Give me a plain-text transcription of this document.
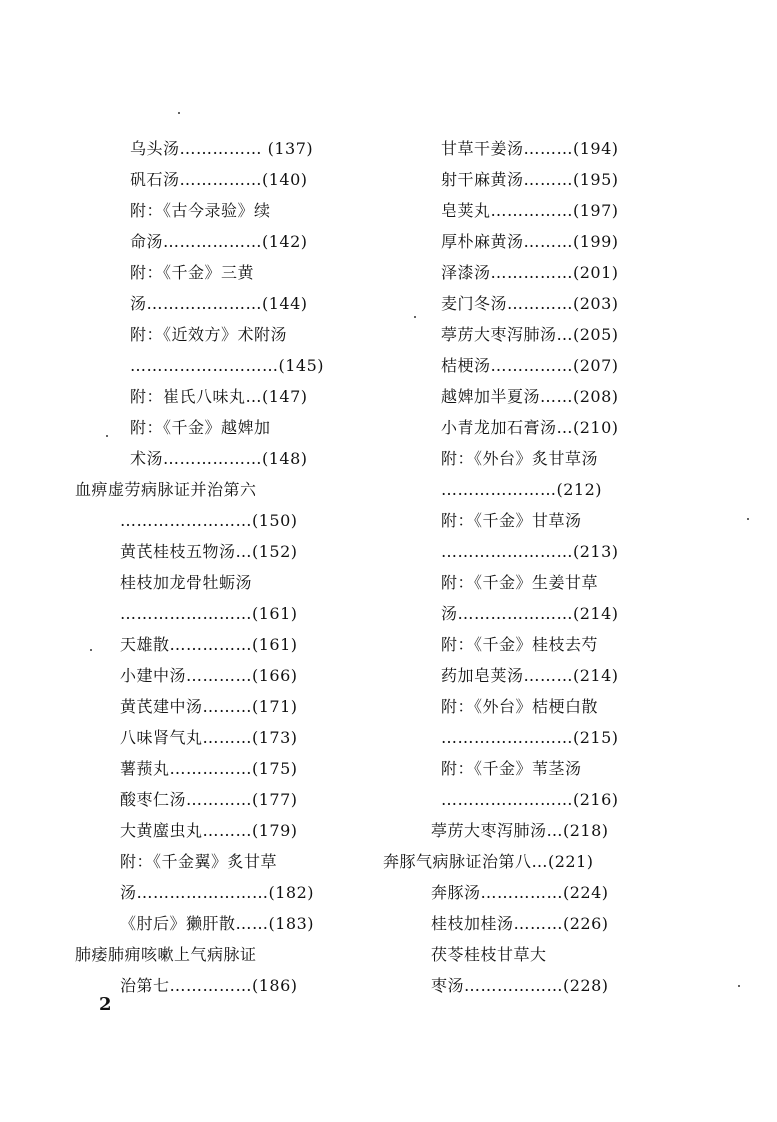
乌头汤…………… (137)
矾石汤……………(140)
附：《古今录验》续
命汤………………(142)
附：《千金》三黄
汤…………………(144)
附：《近效方》术附汤
………………………(145)
附：崔氏八味丸…(147)
附：《千金》越婢加
术汤………………(148)
血痹虚劳病脉证并治第六
……………………(150)
黄芪桂枝五物汤…(152)
桂枝加龙骨牡蛎汤
……………………(161)
天雄散……………(161)
小建中汤…………(166)
黄芪建中汤………(171)
八味肾气丸………(173)
薯蓣丸……………(175)
酸枣仁汤…………(177)
大黄䗪虫丸………(179)
附：《千金翼》炙甘草
汤……………………(182)
《肘后》獭肝散……(183)
肺痿肺痈咳嗽上气病脉证
治第七……………(186)
甘草干姜汤………(194)
射干麻黄汤………(195)
皂荚丸……………(197)
厚朴麻黄汤………(199)
泽漆汤……………(201)
麦门冬汤…………(203)
葶苈大枣泻肺汤…(205)
桔梗汤……………(207)
越婢加半夏汤……(208)
小青龙加石膏汤…(210)
附：《外台》炙甘草汤
…………………(212)
附：《千金》甘草汤
……………………(213)
附：《千金》生姜甘草
汤…………………(214)
附：《千金》桂枝去芍
药加皂荚汤………(214)
附：《外台》桔梗白散
……………………(215)
附：《千金》苇茎汤
……………………(216)
葶苈大枣泻肺汤…(218)
奔豚气病脉证治第八…(221)
奔豚汤……………(224)
桂枝加桂汤………(226)
茯苓桂枝甘草大
枣汤………………(228)
2
